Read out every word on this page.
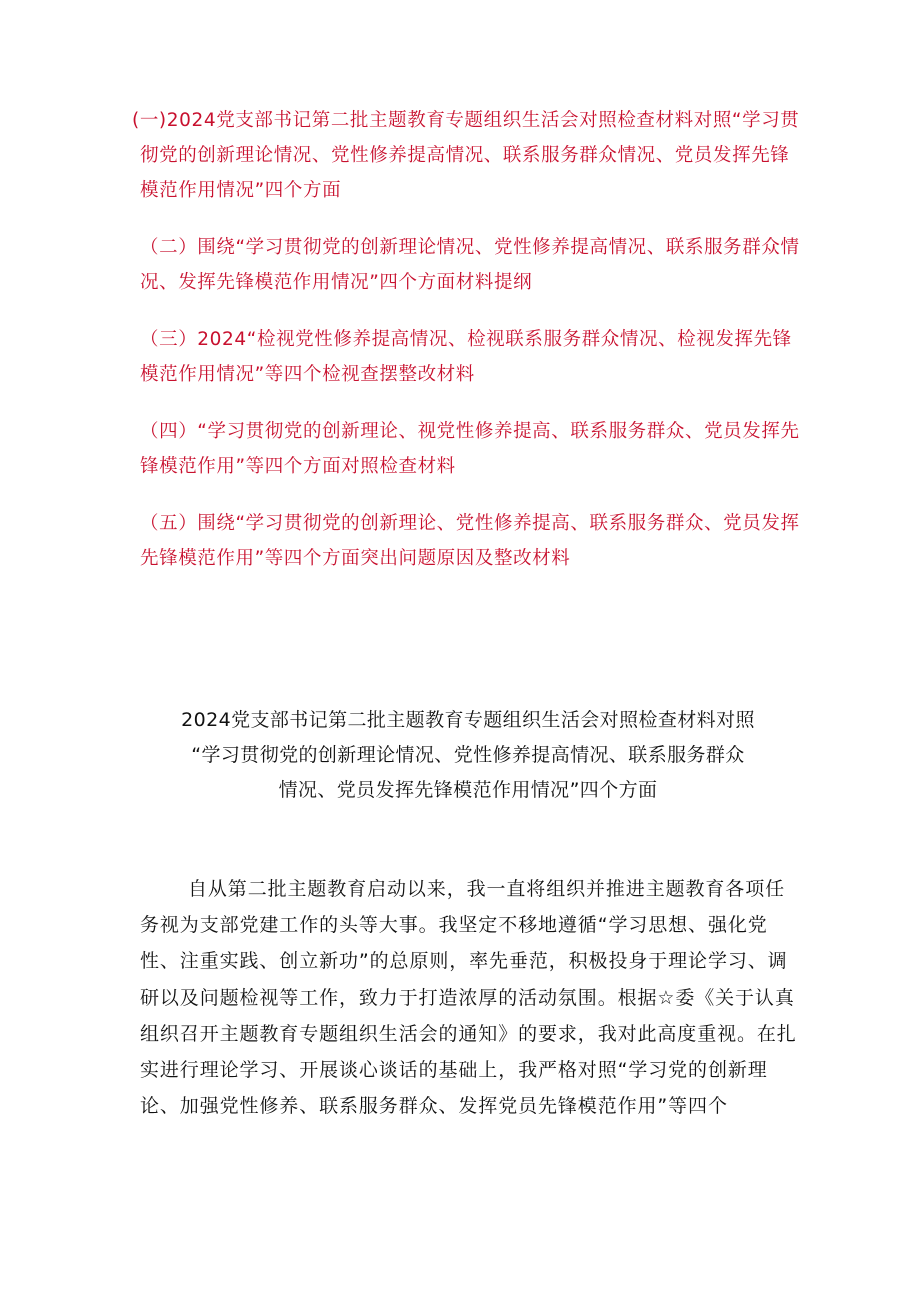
(一)2024党支部书记第二批主题教育专题组织生活会对照检查材料对照“学习贯彻党的创新理论情况、党性修养提高情况、联系服务群众情况、党员发挥先锋模范作用情况”四个方面
（二）围绕“学习贯彻党的创新理论情况、党性修养提高情况、联系服务群众情况、发挥先锋模范作用情况”四个方面材料提纲
（三）2024“检视党性修养提高情况、检视联系服务群众情况、检视发挥先锋模范作用情况”等四个检视查摆整改材料
（四）“学习贯彻党的创新理论、视党性修养提高、联系服务群众、党员发挥先锋模范作用”等四个方面对照检查材料
（五）围绕“学习贯彻党的创新理论、党性修养提高、联系服务群众、党员发挥先锋模范作用”等四个方面突出问题原因及整改材料
2024党支部书记第二批主题教育专题组织生活会对照检查材料对照
“学习贯彻党的创新理论情况、党性修养提高情况、联系服务群众
情况、党员发挥先锋模范作用情况”四个方面

自从第二批主题教育启动以来，我一直将组织并推进主题教育各项任务视为支部党建工作的头等大事。我坚定不移地遵循“学习思想、强化党性、注重实践、创立新功”的总原则，率先垂范，积极投身于理论学习、调研以及问题检视等工作，致力于打造浓厚的活动氛围。根据☆委《关于认真组织召开主题教育专题组织生活会的通知》的要求，我对此高度重视。在扎实进行理论学习、开展谈心谈话的基础上，我严格对照“学习党的创新理论、加强党性修养、联系服务群众、发挥党员先锋模范作用”等四个
